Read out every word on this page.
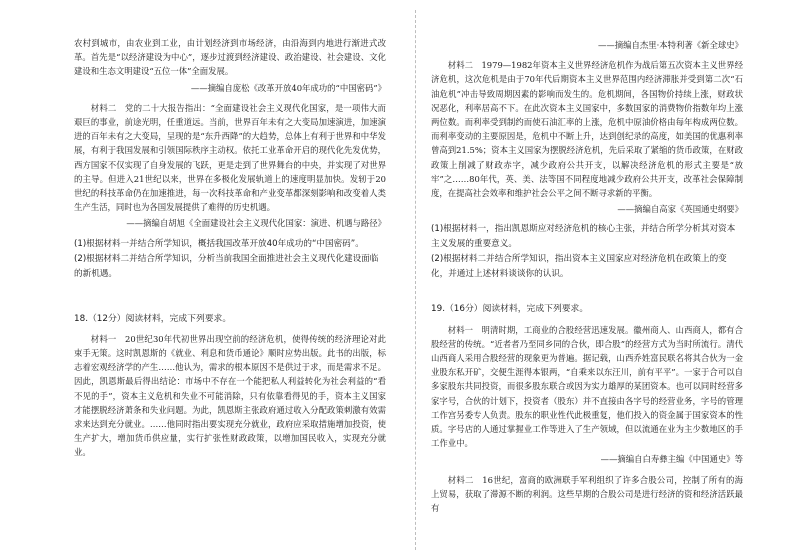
农村到城市，由农业到工业，由计划经济到市场经济，由沿海到内地进行渐进式改革。首先是“以经济建设为中心”，逐步过渡到经济建设、政治建设、社会建设、文化建设和生态文明建设“五位一体”全面发展。

——摘编自庞松《改革开放40年成功的“中国密码”》

材料二　党的二十大报告指出：“全面建设社会主义现代化国家，是一项伟大而艰巨的事业，前途光明，任重道远。当前，世界百年未有之大变局加速演进，加速演进的百年未有之大变局，呈现的是“东升西降”的大趋势，总体上有利于世界和中华发展，有利于我国发展和引领国际秩序主动权。依托工业革命开启的现代化先发优势，西方国家不仅实现了自身发展的飞跃，更是走到了世界舞台的中央，并实现了对世界的主导。但进入21世纪以来，世界在多极化发展轨道上的速度明显加快。发轫于20世纪的科技革命仍在加速推进，每一次科技革命和产业变革都深刻影响和改变着人类生产生活，同时也为各国发展提供了难得的历史机遇。

——摘编自胡旭《全面建设社会主义现代化国家：演进、机遇与路径》

(1)根据材料一并结合所学知识，概括我国改革开放40年成功的“中国密码”。

(2)根据材料二并结合所学知识，分析当前我国全面推进社会主义现代化建设面临的新机遇。

18.（12分）阅读材料，完成下列要求。

材料一　20世纪30年代初世界出现空前的经济危机，使得传统的经济理论对此束手无策。这时凯恩斯的《就业、利息和货币通论》顺时应势出版。此书的出版，标志着宏观经济学的产生……他认为，需求的根本原因不是供过于求，而是需求不足。因此，凯恩斯最后得出结论：市场中不存在一个能把私人利益转化为社会利益的“看不见的手”，资本主义危机和失业不可能消除，只有依靠看得见的手，资本主义国家才能摆脱经济萧条和失业问题。为此，凯恩斯主张政府通过收入分配政策刺激有效需求来达到充分就业。……他同时指出要实现充分就业，政府应采取措施增加投资，使生产扩大，增加货币供应量，实行扩张性财政政策，以增加国民收入，实现充分就业。

——摘编自杰里·本特利著《新全球史》

材料二　1979—1982年资本主义世界经济危机作为战后第五次资本主义世界经济危机，这次危机是由于70年代后期资本主义世界范围内经济滞胀并受到第二次“石油危机”冲击导致周期因素的影响而发生的。危机期间，各国物价持续上涨，财政状况恶化，利率居高不下。在此次资本主义国家中，多数国家的消费物价指数年均上涨两位数。而利率受到制约而使石油汇率的上涨，危机中原油价格由每年构成两位数。而利率变动的主要原因是，危机中不断上升，达到创纪录的高度，如美国的优惠利率曾高到21.5%；资本主义国家为摆脱经济危机，先后采取了紧缩的货币政策，在财政政策上削减了财政赤字，减少政府公共开支，以解决经济危机的形式主要是“放牢”之……80年代，英、美、法等国不同程度地减少政府公共开支，改革社会保障制度，在提高社会效率和维护社会公平之间不断寻求新的平衡。

——摘编自高家《英国通史纲要》

(1)根据材料一，指出凯恩斯应对经济危机的核心主张，并结合所学分析其对资本主义发展的重要意义。

(2)根据材料二并结合所学知识，指出资本主义国家应对经济危机在政策上的变化，并通过上述材料谈谈你的认识。

19.（16分）阅读材料，完成下列要求。

材料一　明清时期，工商业的合股经营迅速发展。徽州商人、山西商人，都有合股经营的传统。“近者者乃至同乡同的合伙，即合股”的经营方式为当时所流行。清代山西商人采用合股经营的现象更为普遍。据记载，山西乔姓富民联名将其合伙为一金业股东私开矿，交便生涯得本银两，“自乘来以东汪川，前有平平”。一家于合可以自多家股东共同投资，而很多股东联合或因为实力雄厚的某团资本。也可以同时经营多家字号，合伙的计划下，投资者（股东）并不直接由各字号的经营业务，字号的管理工作宫另委专人负责。股东的职业性代此极重复，他们投入的资金属于国家资本的性质。字号店的人通过掌握业工作等进入了生产领域，但以流通在业为主少数地区的手工作业中。

——摘编自白寿彝主编《中国通史》等

材料二　16世纪，富商的欧洲联手军利组织了许多合股公司，控制了所有的海上贸易，获取了滞源不断的利润。这些早期的合股公司是进行经济的资和经济活跃最有
